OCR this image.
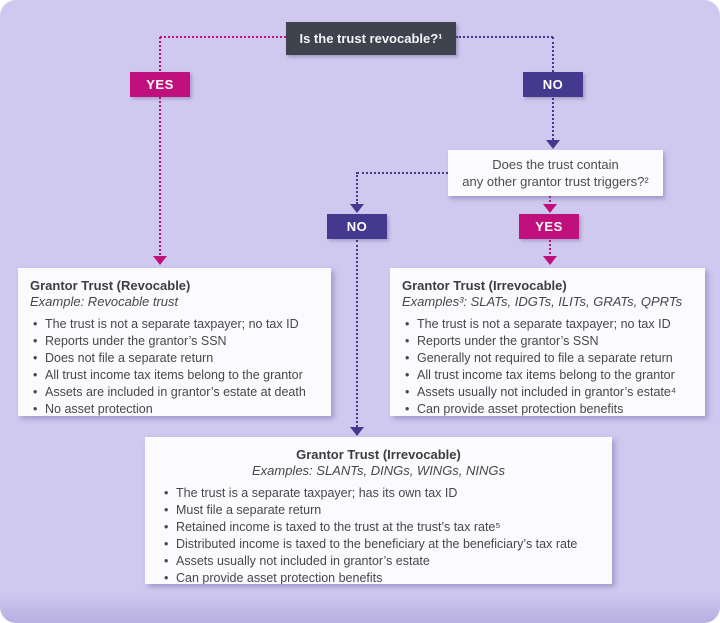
Is the trust revocable?¹
YES	NO
Does the trust contain
any other grantor trust triggers?²
NO	YES
Grantor Trust (Revocable)
Example: Revocable trust
• The trust is not a separate taxpayer; no tax ID
• Reports under the grantor’s SSN
• Does not file a separate return
• All trust income tax items belong to the grantor
• Assets are included in grantor’s estate at death
• No asset protection
Grantor Trust (Irrevocable)
Examples³: SLATs, IDGTs, ILITs, GRATs, QPRTs
• The trust is not a separate taxpayer; no tax ID
• Reports under the grantor’s SSN
• Generally not required to file a separate return
• All trust income tax items belong to the grantor
• Assets usually not included in grantor’s estate⁴
• Can provide asset protection benefits
Grantor Trust (Irrevocable)
Examples: SLANTs, DINGs, WINGs, NINGs
• The trust is a separate taxpayer; has its own tax ID
• Must file a separate return
• Retained income is taxed to the trust at the trust’s tax rate⁵
• Distributed income is taxed to the beneficiary at the beneficiary’s tax rate
• Assets usually not included in grantor’s estate
• Can provide asset protection benefits
